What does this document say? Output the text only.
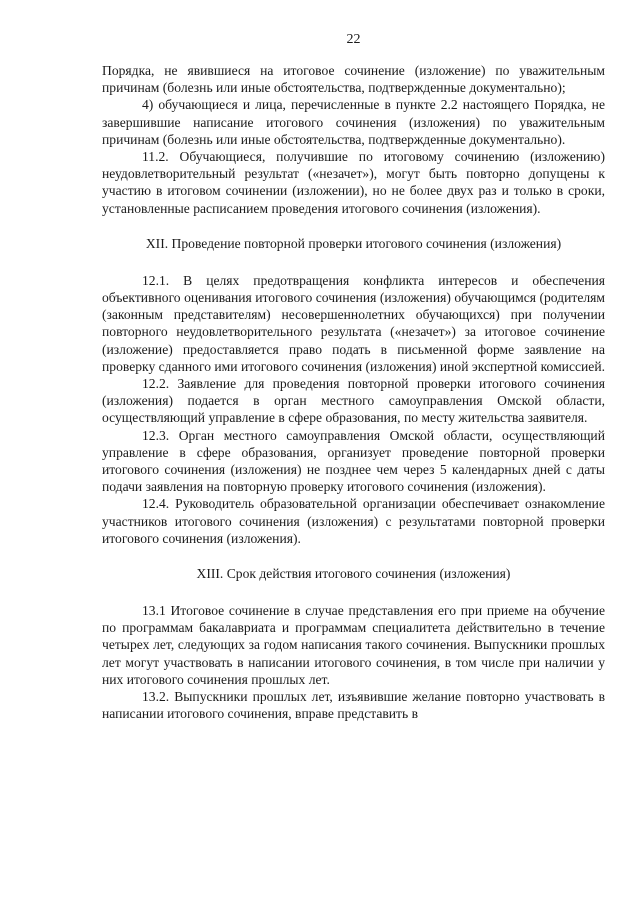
22

Порядка, не явившиеся на итоговое сочинение (изложение) по уважительным причинам (болезнь или иные обстоятельства, подтвержденные документально);

4) обучающиеся и лица, перечисленные в пункте 2.2 настоящего Порядка, не завершившие написание итогового сочинения (изложения) по уважительным причинам (болезнь или иные обстоятельства, подтвержденные документально).

11.2. Обучающиеся, получившие по итоговому сочинению (изложению) неудовлетворительный результат («незачет»), могут быть повторно допущены к участию в итоговом сочинении (изложении), но не более двух раз и только в сроки, установленные расписанием проведения итогового сочинения (изложения).

XII. Проведение повторной проверки итогового сочинения (изложения)

12.1. В целях предотвращения конфликта интересов и обеспечения объективного оценивания итогового сочинения (изложения) обучающимся (родителям (законным представителям) несовершеннолетних обучающихся) при получении повторного неудовлетворительного результата («незачет») за итоговое сочинение (изложение) предоставляется право подать в письменной форме заявление на проверку сданного ими итогового сочинения (изложения) иной экспертной комиссией.

12.2. Заявление для проведения повторной проверки итогового сочинения (изложения) подается в орган местного самоуправления Омской области, осуществляющий управление в сфере образования, по месту жительства заявителя.

12.3. Орган местного самоуправления Омской области, осуществляющий управление в сфере образования, организует проведение повторной проверки итогового сочинения (изложения) не позднее чем через 5 календарных дней с даты подачи заявления на повторную проверку итогового сочинения (изложения).

12.4. Руководитель образовательной организации обеспечивает ознакомление участников итогового сочинения (изложения) с результатами повторной проверки итогового сочинения (изложения).

XIII. Срок действия итогового сочинения (изложения)

13.1 Итоговое сочинение в случае представления его при приеме на обучение по программам бакалавриата и программам специалитета действительно в течение четырех лет, следующих за годом написания такого сочинения. Выпускники прошлых лет могут участвовать в написании итогового сочинения, в том числе при наличии у них итогового сочинения прошлых лет.

13.2. Выпускники прошлых лет, изъявившие желание повторно участвовать в написании итогового сочинения, вправе представить в
